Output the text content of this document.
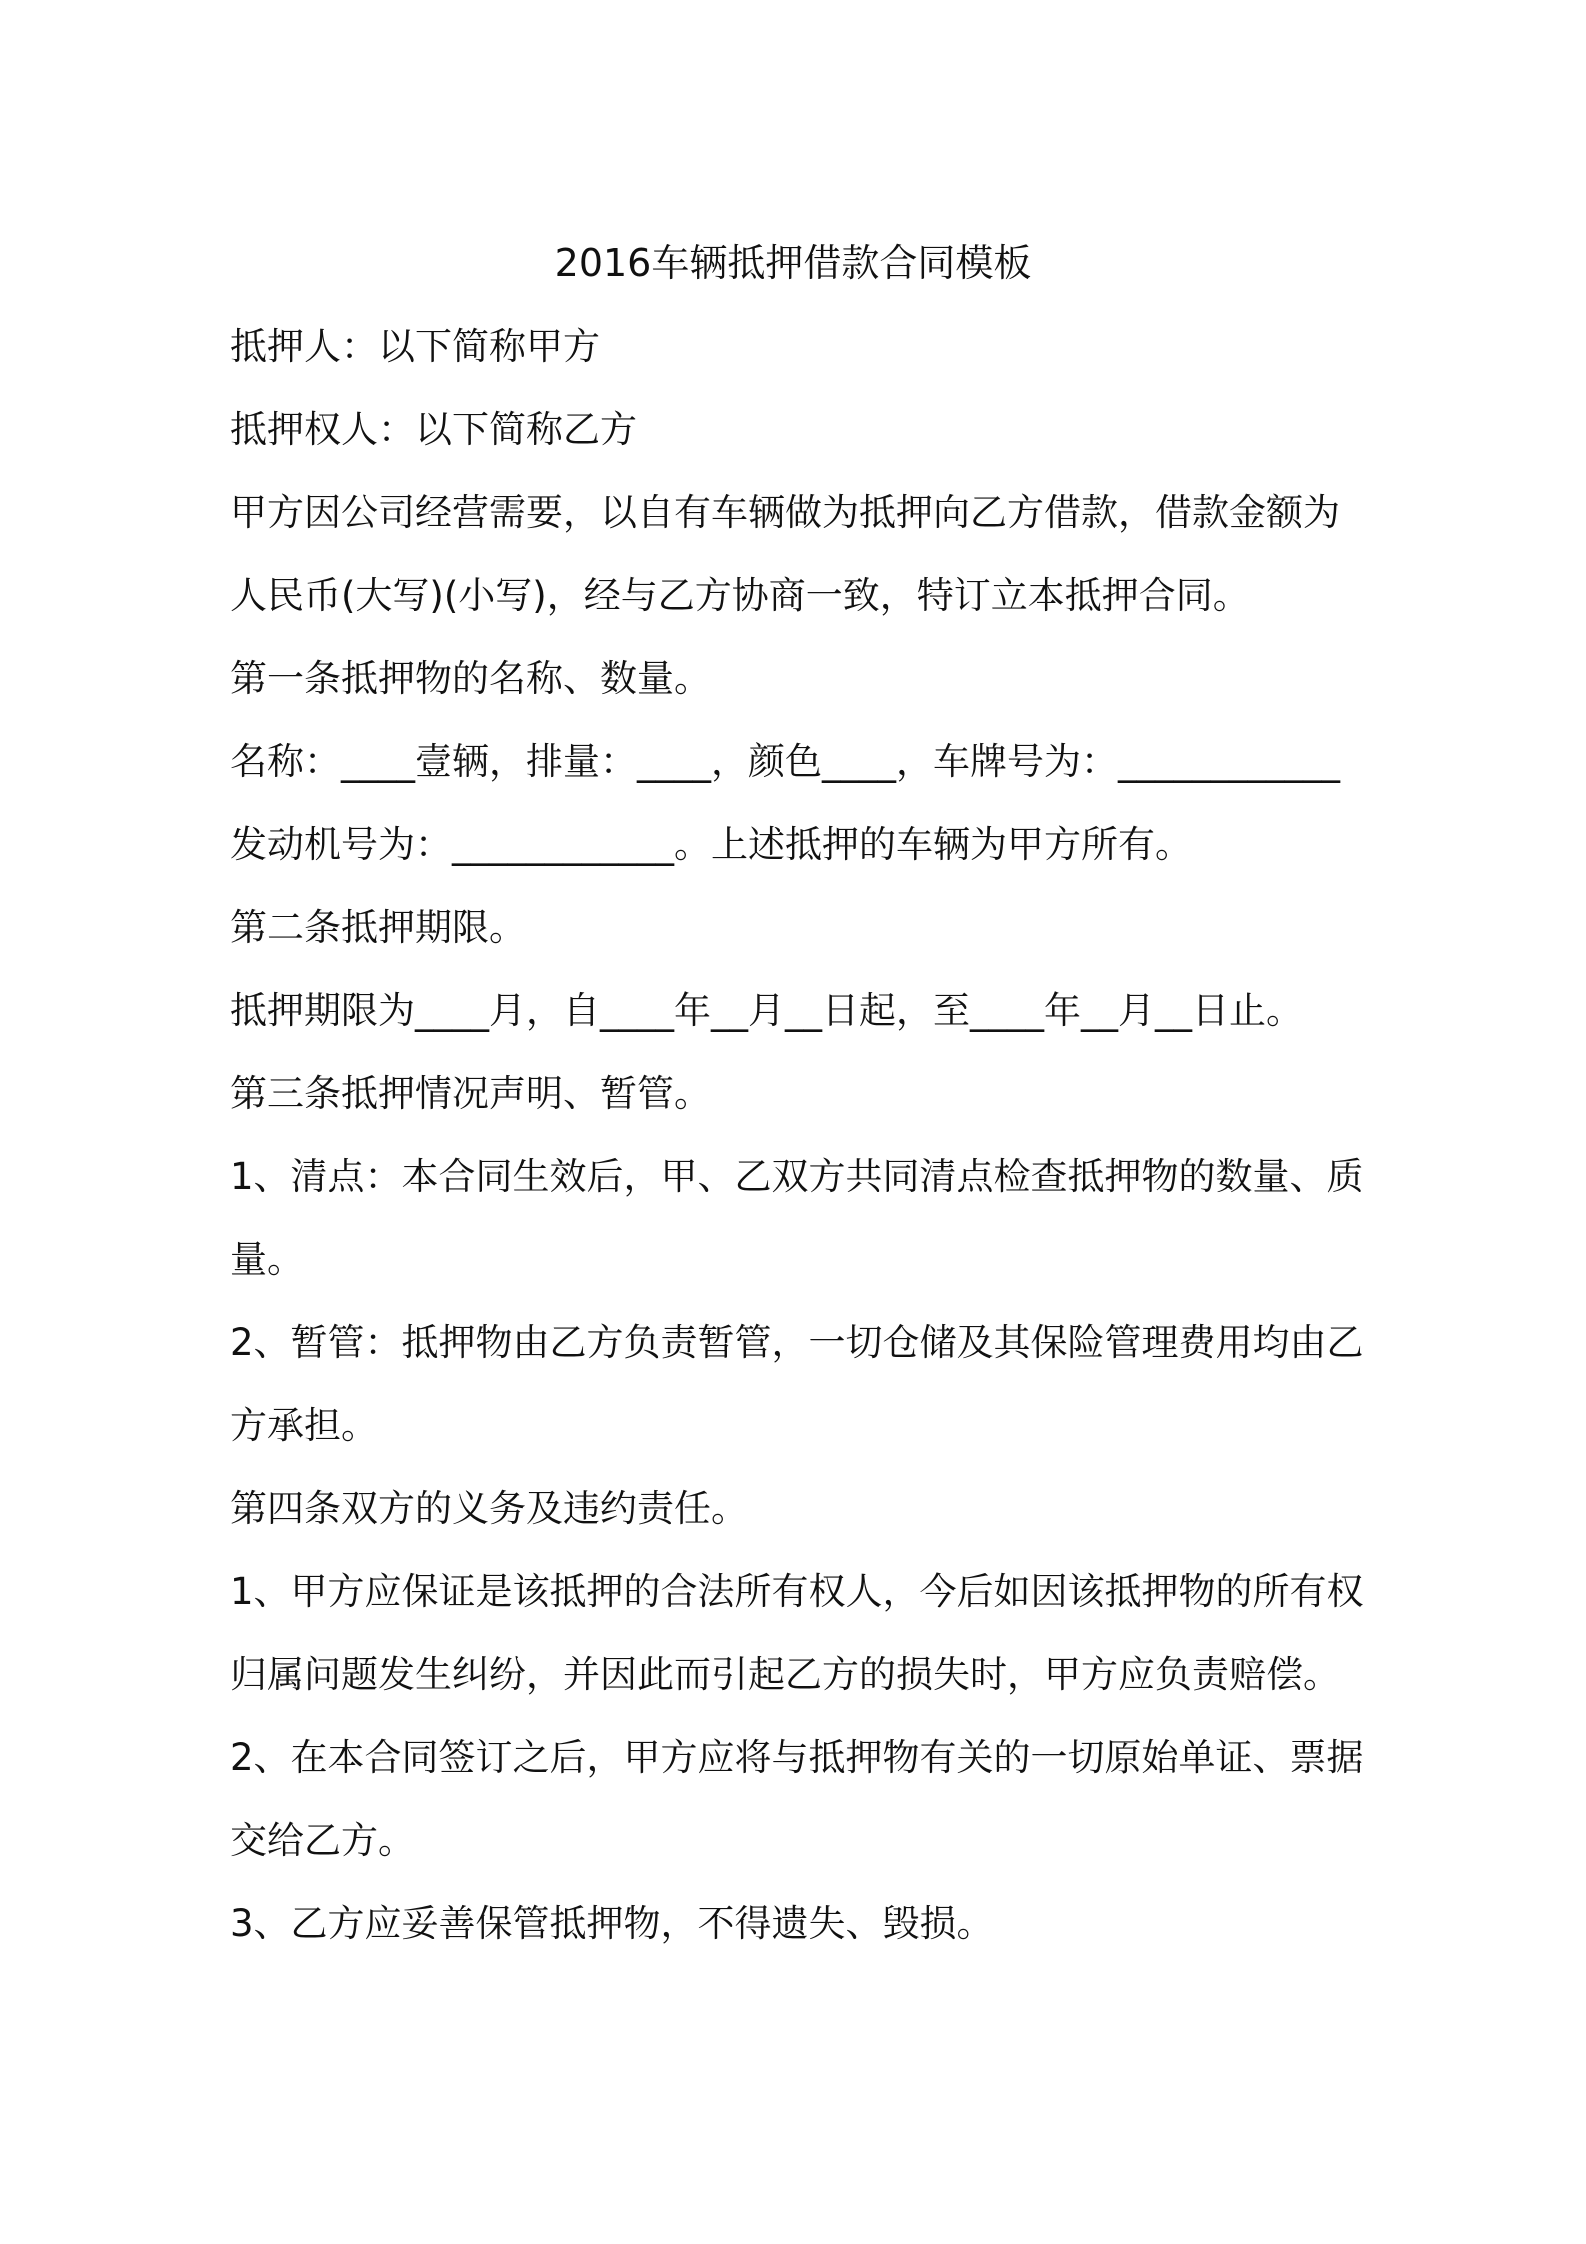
2016车辆抵押借款合同模板
抵押人：以下简称甲方
抵押权人：以下简称乙方
甲方因公司经营需要，以自有车辆做为抵押向乙方借款，借款金额为
人民币(大写)(小写)，经与乙方协商一致，特订立本抵押合同。
第一条抵押物的名称、数量。
名称：____壹辆，排量：____，颜色____，车牌号为：____________
发动机号为：____________。上述抵押的车辆为甲方所有。
第二条抵押期限。
抵押期限为____月，自____年__月__日起，至____年__月__日止。
第三条抵押情况声明、暂管。
1、清点：本合同生效后，甲、乙双方共同清点检查抵押物的数量、质
量。
2、暂管：抵押物由乙方负责暂管，一切仓储及其保险管理费用均由乙
方承担。
第四条双方的义务及违约责任。
1、甲方应保证是该抵押的合法所有权人，今后如因该抵押物的所有权
归属问题发生纠纷，并因此而引起乙方的损失时，甲方应负责赔偿。
2、在本合同签订之后，甲方应将与抵押物有关的一切原始单证、票据
交给乙方。
3、乙方应妥善保管抵押物，不得遗失、毁损。
